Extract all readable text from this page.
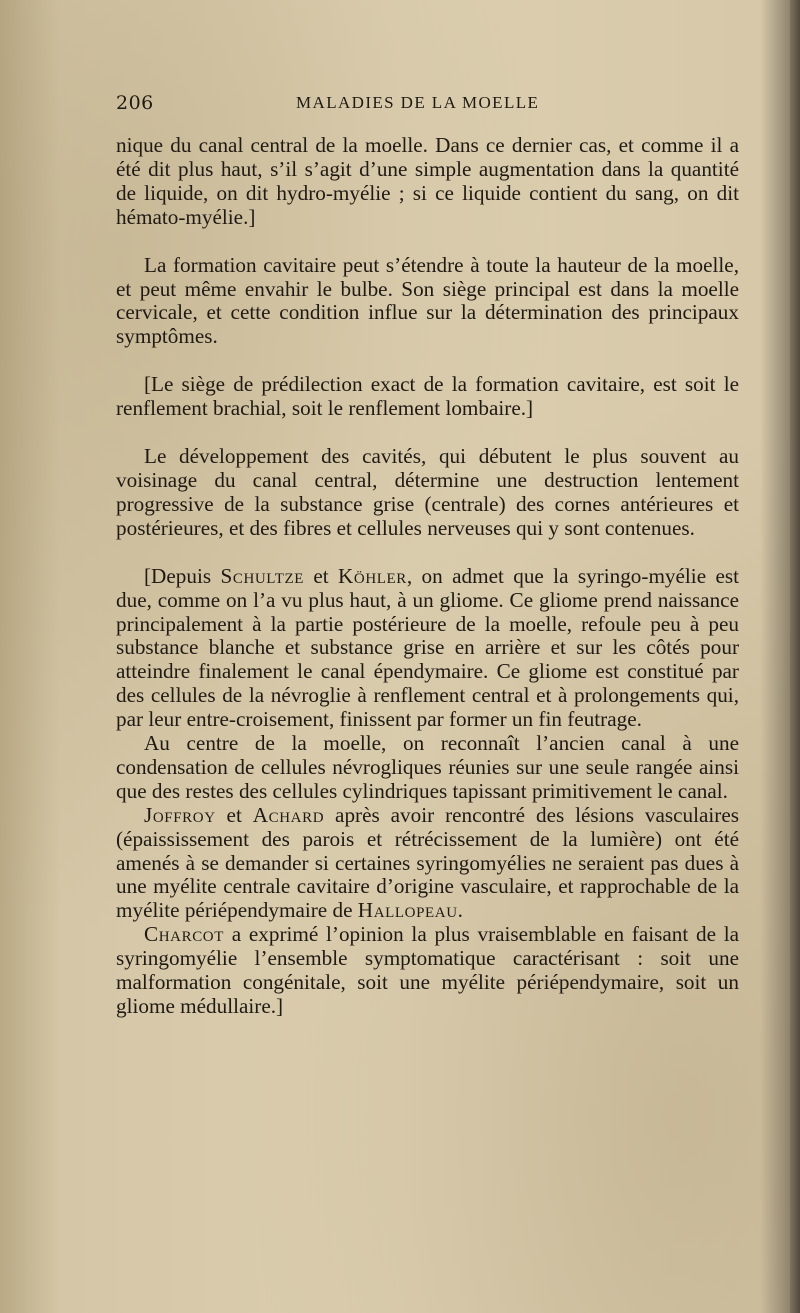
206	MALADIES DE LA MOELLE

nique du canal central de la moelle. Dans ce dernier cas, et comme il a été dit plus haut, s’il s’agit d’une simple augmentation dans la quantité de liquide, on dit hydro-myélie ; si ce liquide contient du sang, on dit hémato-myélie.]

La formation cavitaire peut s’étendre à toute la hauteur de la moelle, et peut même envahir le bulbe. Son siège principal est dans la moelle cervicale, et cette condition influe sur la détermination des principaux symptômes.

[Le siège de prédilection exact de la formation cavitaire, est soit le renflement brachial, soit le renflement lombaire.]

Le développement des cavités, qui débutent le plus souvent au voisinage du canal central, détermine une destruction lentement progressive de la substance grise (centrale) des cornes antérieures et postérieures, et des fibres et cellules nerveuses qui y sont contenues.

[Depuis Schultze et Köhler, on admet que la syringo-myélie est due, comme on l’a vu plus haut, à un gliome. Ce gliome prend naissance principalement à la partie postérieure de la moelle, refoule peu à peu substance blanche et substance grise en arrière et sur les côtés pour atteindre finalement le canal épendymaire. Ce gliome est constitué par des cellules de la névroglie à renflement central et à prolongements qui, par leur entre-croisement, finissent par former un fin feutrage.

Au centre de la moelle, on reconnaît l’ancien canal à une condensation de cellules névrogliques réunies sur une seule rangée ainsi que des restes des cellules cylindriques tapissant primitivement le canal.

Joffroy et Achard après avoir rencontré des lésions vasculaires (épaississement des parois et rétrécissement de la lumière) ont été amenés à se demander si certaines syringomyélies ne seraient pas dues à une myélite centrale cavitaire d’origine vasculaire, et rapprochable de la myélite périépendymaire de Hallopeau.

Charcot a exprimé l’opinion la plus vraisemblable en faisant de la syringomyélie l’ensemble symptomatique caractérisant : soit une malformation congénitale, soit une myélite périépendymaire, soit un gliome médullaire.]
